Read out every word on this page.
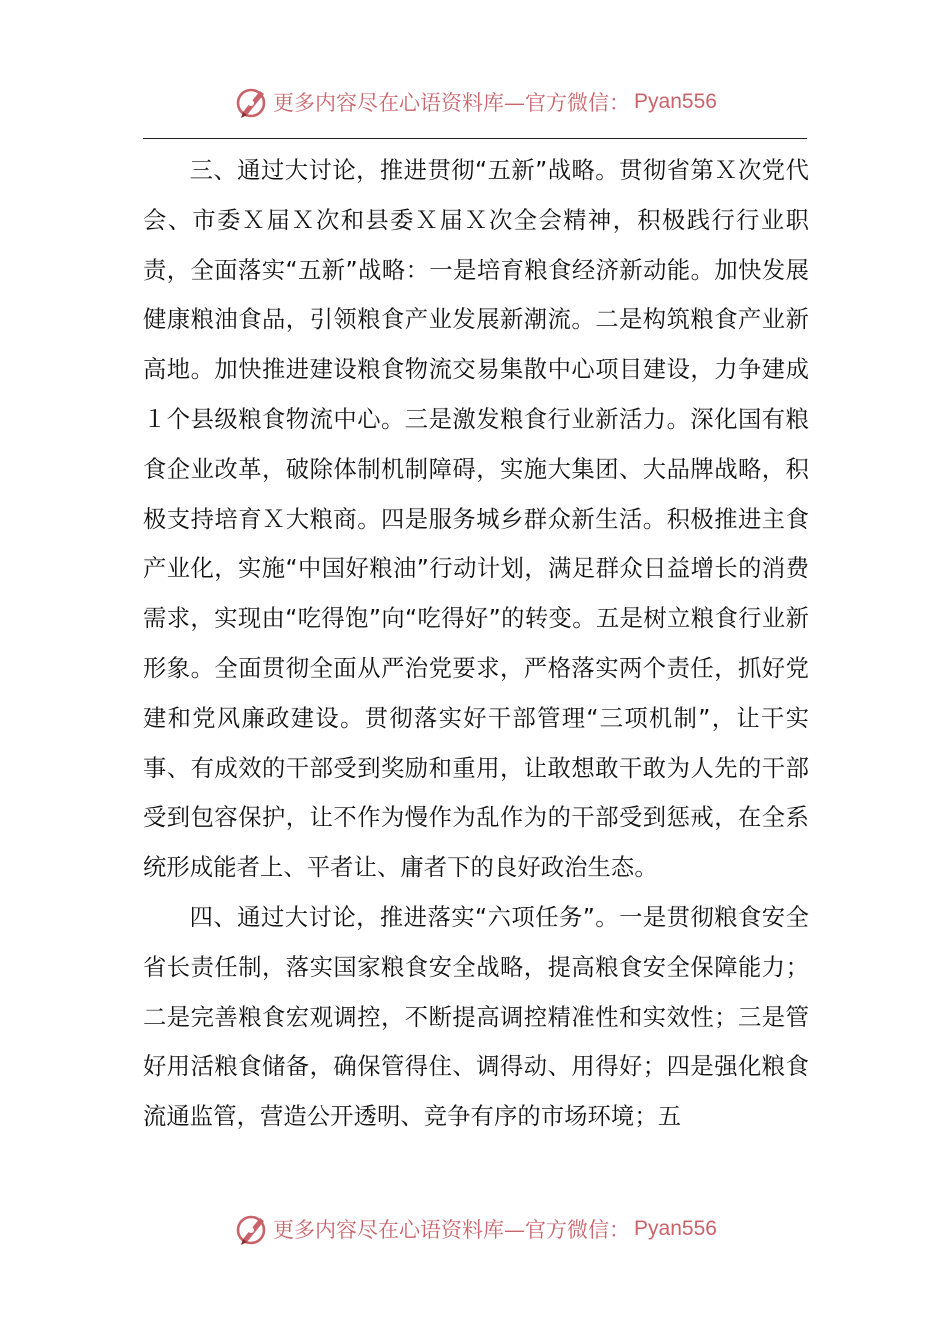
更多内容尽在心语资料库—官方微信： Pyan556

三、通过大讨论，推进贯彻“五新”战略。贯彻省第Ｘ次党代会、市委Ｘ届Ｘ次和县委Ｘ届Ｘ次全会精神，积极践行行业职责，全面落实“五新”战略：一是培育粮食经济新动能。加快发展健康粮油食品，引领粮食产业发展新潮流。二是构筑粮食产业新高地。加快推进建设粮食物流交易集散中心项目建设，力争建成１个县级粮食物流中心。三是激发粮食行业新活力。深化国有粮食企业改革，破除体制机制障碍，实施大集团、大品牌战略，积极支持培育Ｘ大粮商。四是服务城乡群众新生活。积极推进主食产业化，实施“中国好粮油”行动计划，满足群众日益增长的消费需求，实现由“吃得饱”向“吃得好”的转变。五是树立粮食行业新形象。全面贯彻全面从严治党要求，严格落实两个责任，抓好党建和党风廉政建设。贯彻落实好干部管理“三项机制”，让干实事、有成效的干部受到奖励和重用，让敢想敢干敢为人先的干部受到包容保护，让不作为慢作为乱作为的干部受到惩戒，在全系统形成能者上、平者让、庸者下的良好政治生态。

四、通过大讨论，推进落实“六项任务”。一是贯彻粮食安全省长责任制，落实国家粮食安全战略，提高粮食安全保障能力；二是完善粮食宏观调控，不断提高调控精准性和实效性；三是管好用活粮食储备，确保管得住、调得动、用得好；四是强化粮食流通监管，营造公开透明、竞争有序的市场环境；五

更多内容尽在心语资料库—官方微信： Pyan556
